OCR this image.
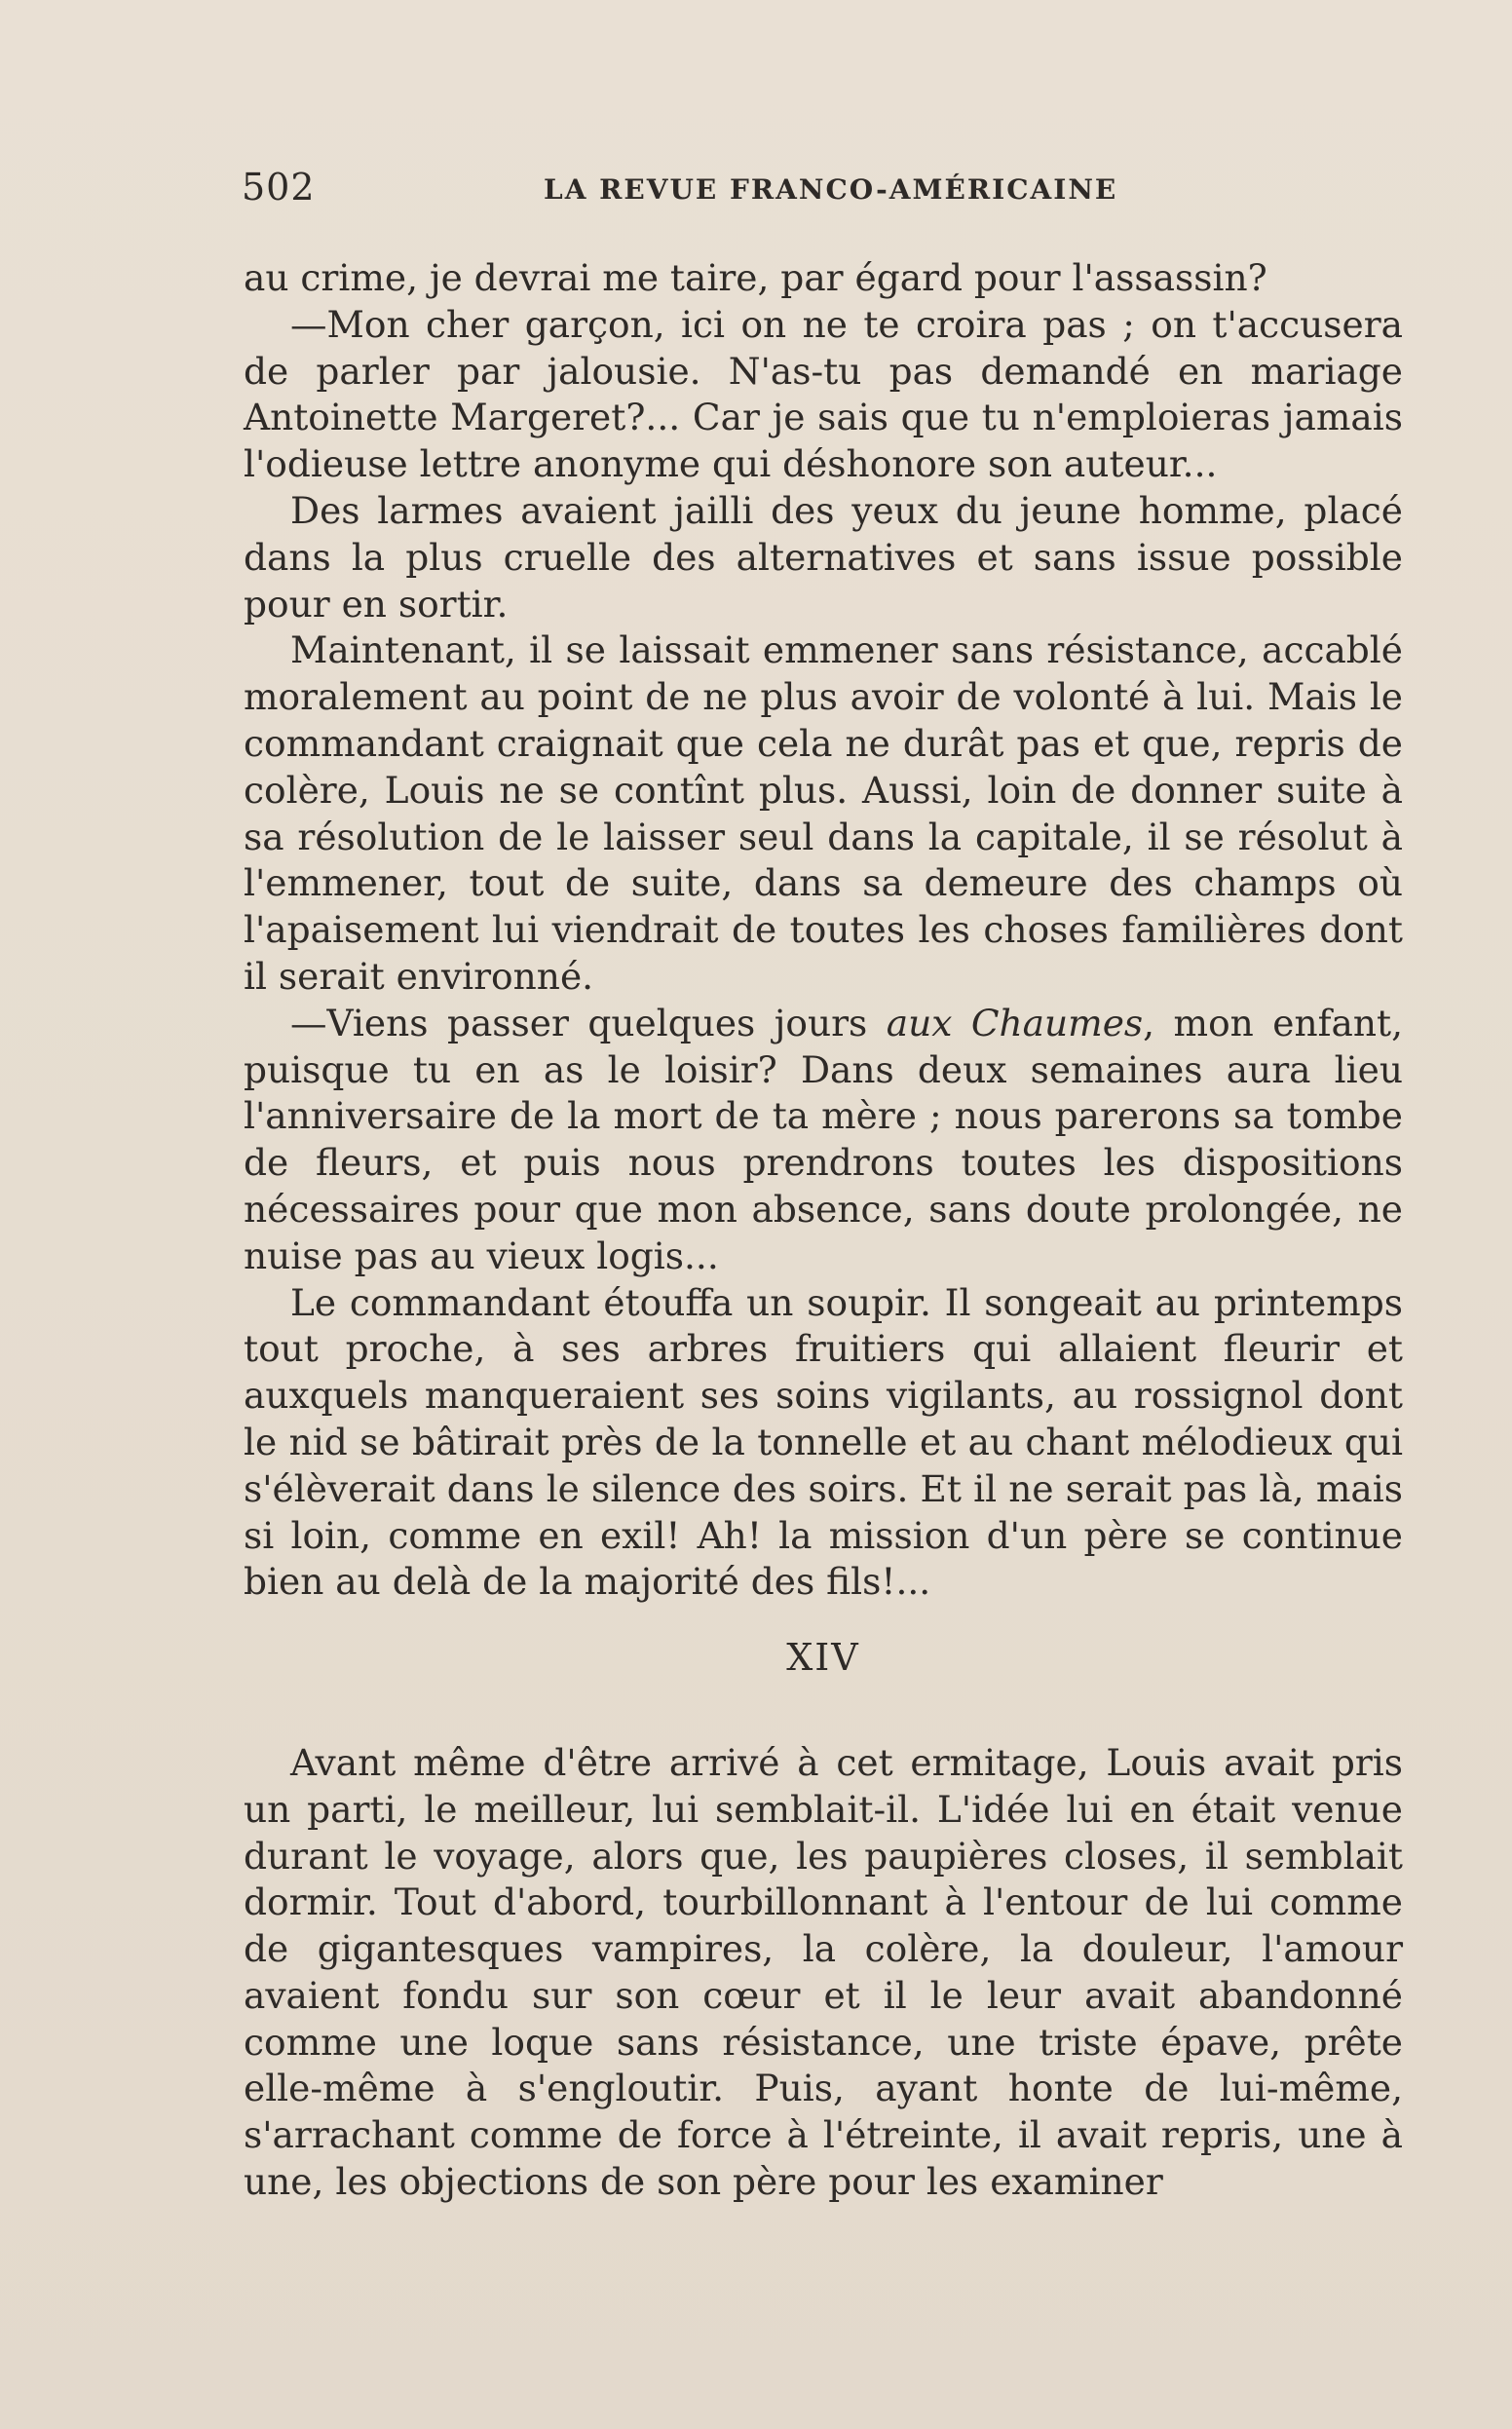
502	LA REVUE FRANCO-AMÉRICAINE

au crime, je devrai me taire, par égard pour l'assassin?

—Mon cher garçon, ici on ne te croira pas ; on t'accusera de parler par jalousie. N'as-tu pas demandé en mariage Antoinette Margeret?... Car je sais que tu n'emploieras jamais l'odieuse lettre anonyme qui déshonore son auteur...

Des larmes avaient jailli des yeux du jeune homme, placé dans la plus cruelle des alternatives et sans issue possible pour en sortir.

Maintenant, il se laissait emmener sans résistance, accablé moralement au point de ne plus avoir de volonté à lui. Mais le commandant craignait que cela ne durât pas et que, repris de colère, Louis ne se contînt plus. Aussi, loin de donner suite à sa résolution de le laisser seul dans la capitale, il se résolut à l'emmener, tout de suite, dans sa demeure des champs où l'apaisement lui viendrait de toutes les choses familières dont il serait environné.

—Viens passer quelques jours aux Chaumes, mon enfant, puisque tu en as le loisir? Dans deux semaines aura lieu l'anniversaire de la mort de ta mère ; nous parerons sa tombe de fleurs, et puis nous prendrons toutes les dispositions nécessaires pour que mon absence, sans doute prolongée, ne nuise pas au vieux logis...

Le commandant étouffa un soupir. Il songeait au printemps tout proche, à ses arbres fruitiers qui allaient fleurir et auxquels manqueraient ses soins vigilants, au rossignol dont le nid se bâtirait près de la tonnelle et au chant mélodieux qui s'élèverait dans le silence des soirs. Et il ne serait pas là, mais si loin, comme en exil! Ah! la mission d'un père se continue bien au delà de la majorité des fils!...

XIV

Avant même d'être arrivé à cet ermitage, Louis avait pris un parti, le meilleur, lui semblait-il. L'idée lui en était venue durant le voyage, alors que, les paupières closes, il semblait dormir. Tout d'abord, tourbillonnant à l'entour de lui comme de gigantesques vampires, la colère, la douleur, l'amour avaient fondu sur son cœur et il le leur avait abandonné comme une loque sans résistance, une triste épave, prête elle-même à s'engloutir. Puis, ayant honte de lui-même, s'arrachant comme de force à l'étreinte, il avait repris, une à une, les objections de son père pour les examiner
